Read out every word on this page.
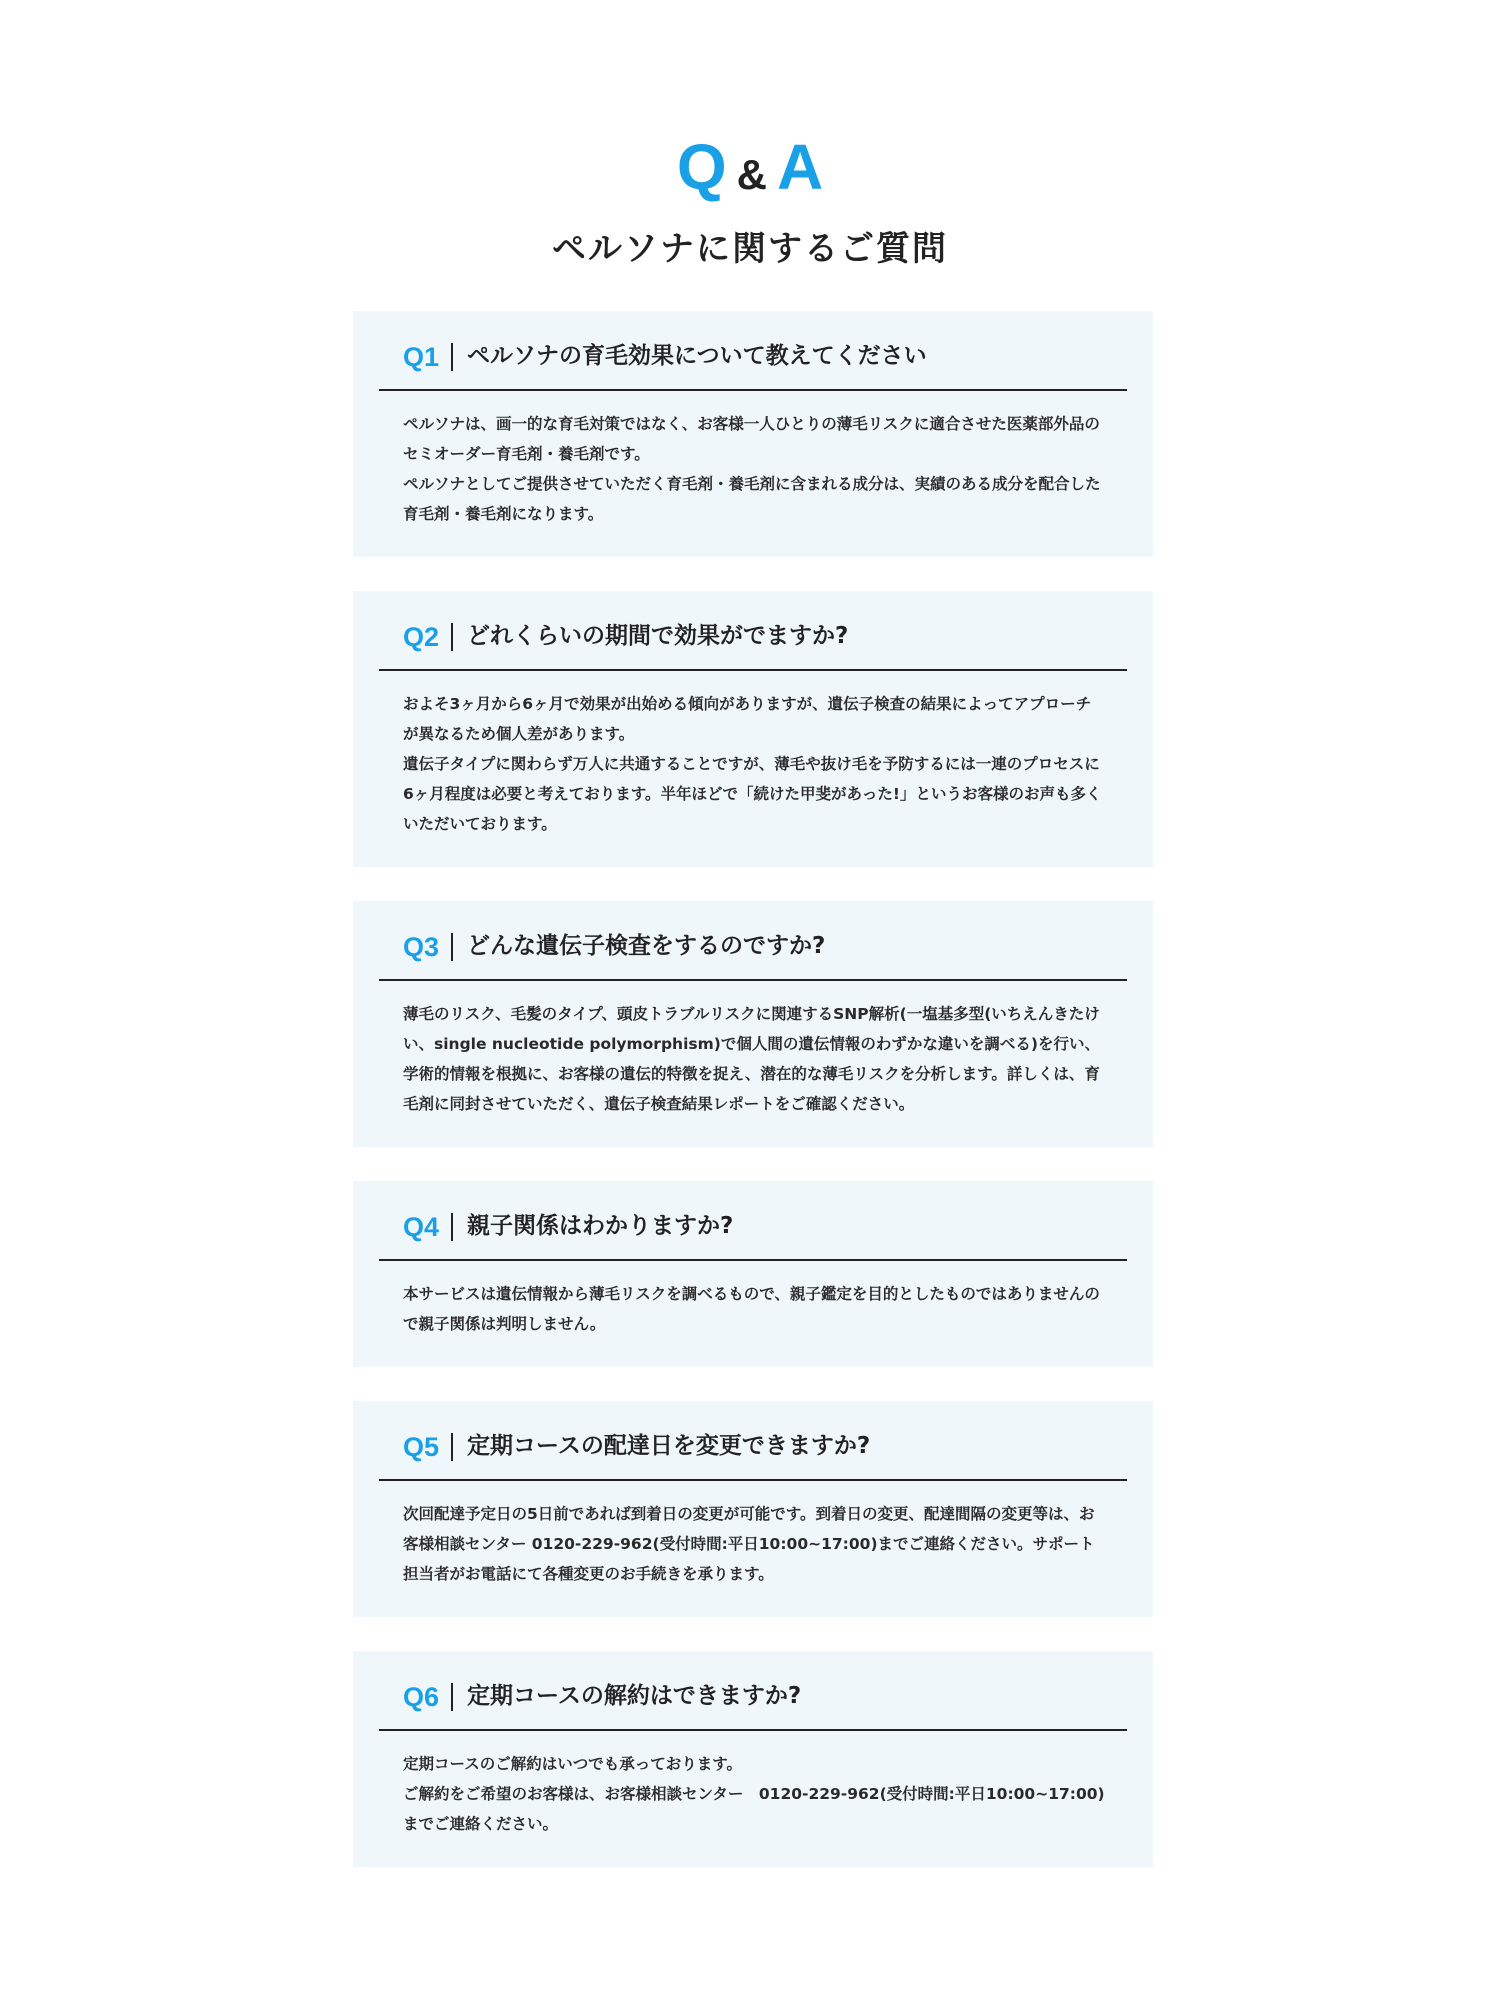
Q & A
ペルソナに関するご質問
Q1 ペルソナの育毛効果について教えてください

ペルソナは、画一的な育毛対策ではなく、お客様一人ひとりの薄毛リスクに適合させた医薬部外品のセミオーダー育毛剤・養毛剤です。

ペルソナとしてご提供させていただく育毛剤・養毛剤に含まれる成分は、実績のある成分を配合した育毛剤・養毛剤になります。

Q2 どれくらいの期間で効果がでますか?

およそ3ヶ月から6ヶ月で効果が出始める傾向がありますが、遺伝子検査の結果によってアプローチが異なるため個人差があります。

遺伝子タイプに関わらず万人に共通することですが、薄毛や抜け毛を予防するには一連のプロセスに6ヶ月程度は必要と考えております。半年ほどで「続けた甲斐があった!」というお客様のお声も多くいただいております。

Q3 どんな遺伝子検査をするのですか?

薄毛のリスク、毛髪のタイプ、頭皮トラブルリスクに関連するSNP解析(一塩基多型(いちえんきたけい、single nucleotide polymorphism)で個人間の遺伝情報のわずかな違いを調べる)を行い、学術的情報を根拠に、お客様の遺伝的特徴を捉え、潜在的な薄毛リスクを分析します。詳しくは、育毛剤に同封させていただく、遺伝子検査結果レポートをご確認ください。

Q4 親子関係はわかりますか?

本サービスは遺伝情報から薄毛リスクを調べるもので、親子鑑定を目的としたものではありませんので親子関係は判明しません。

Q5 定期コースの配達日を変更できますか?

次回配達予定日の5日前であれば到着日の変更が可能です。到着日の変更、配達間隔の変更等は、お客様相談センター 0120-229-962(受付時間:平日10:00~17:00)までご連絡ください。サポート担当者がお電話にて各種変更のお手続きを承ります。

Q6 定期コースの解約はできますか?

定期コースのご解約はいつでも承っております。

ご解約をご希望のお客様は、お客様相談センター　0120-229-962(受付時間:平日10:00~17:00)までご連絡ください。
